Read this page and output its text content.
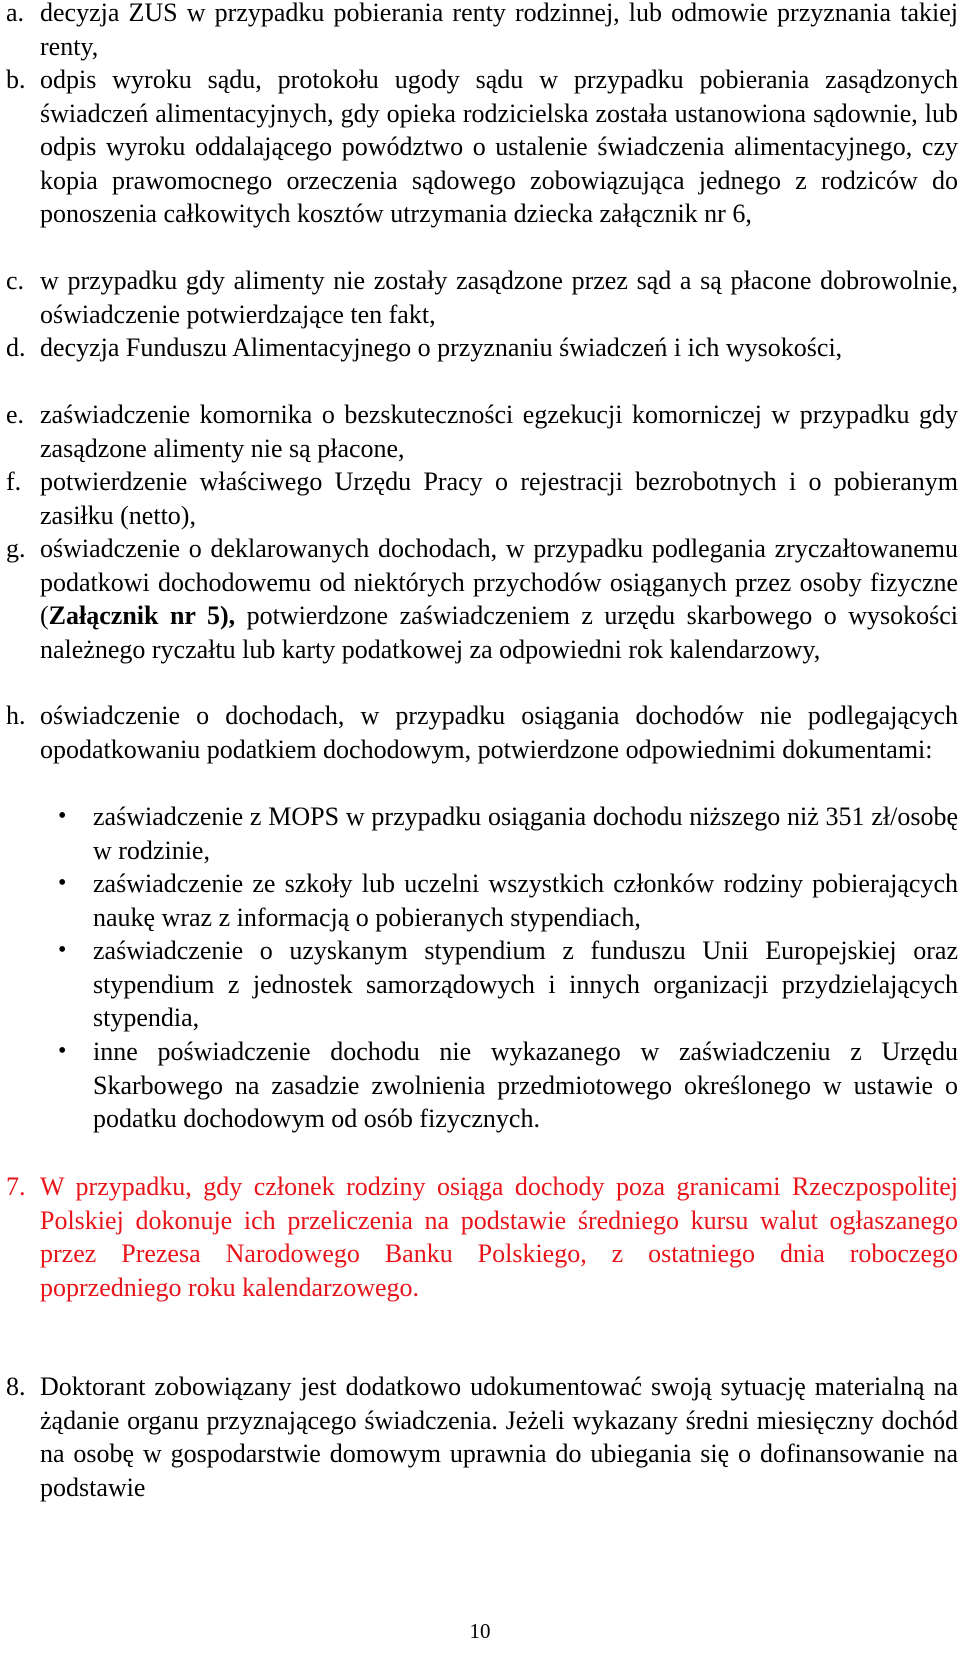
a. decyzja ZUS w przypadku pobierania renty rodzinnej, lub odmowie przyznania takiej renty,
b. odpis wyroku sądu, protokołu ugody sądu w przypadku pobierania zasądzonych świadczeń alimentacyjnych, gdy opieka rodzicielska została ustanowiona sądownie, lub odpis wyroku oddalającego powództwo o ustalenie świadczenia alimentacyjnego, czy kopia prawomocnego orzeczenia sądowego zobowiązująca jednego z rodziców do ponoszenia całkowitych kosztów utrzymania dziecka załącznik nr 6,
c. w przypadku gdy alimenty nie zostały zasądzone przez sąd a są płacone dobrowolnie, oświadczenie potwierdzające ten fakt,
d. decyzja Funduszu Alimentacyjnego o przyznaniu świadczeń i ich wysokości,
e. zaświadczenie komornika o bezskuteczności egzekucji komorniczej w przypadku gdy zasądzone alimenty nie są płacone,
f. potwierdzenie właściwego Urzędu Pracy o rejestracji bezrobotnych i o pobieranym zasiłku (netto),
g. oświadczenie o deklarowanych dochodach, w przypadku podlegania zryczałtowanemu podatkowi dochodowemu od niektórych przychodów osiąganych przez osoby fizyczne (Załącznik nr 5), potwierdzone zaświadczeniem z urzędu skarbowego o wysokości należnego ryczałtu lub karty podatkowej za odpowiedni rok kalendarzowy,
h. oświadczenie o dochodach, w przypadku osiągania dochodów nie podlegających opodatkowaniu podatkiem dochodowym, potwierdzone odpowiednimi dokumentami:
• zaświadczenie z MOPS w przypadku osiągania dochodu niższego niż 351 zł/osobę w rodzinie,
• zaświadczenie ze szkoły lub uczelni wszystkich członków rodziny pobierających naukę wraz z informacją o pobieranych stypendiach,
• zaświadczenie o uzyskanym stypendium z funduszu Unii Europejskiej oraz stypendium z jednostek samorządowych i innych organizacji przydzielających stypendia,
• inne poświadczenie dochodu nie wykazanego w zaświadczeniu z Urzędu Skarbowego na zasadzie zwolnienia przedmiotowego określonego w ustawie o podatku dochodowym od osób fizycznych.
7. W przypadku, gdy członek rodziny osiąga dochody poza granicami Rzeczpospolitej Polskiej dokonuje ich przeliczenia na podstawie średniego kursu walut ogłaszanego przez Prezesa Narodowego Banku Polskiego, z ostatniego dnia roboczego poprzedniego roku kalendarzowego.
8. Doktorant zobowiązany jest dodatkowo udokumentować swoją sytuację materialną na żądanie organu przyznającego świadczenia. Jeżeli wykazany średni miesięczny dochód na osobę w gospodarstwie domowym uprawnia do ubiegania się o dofinansowanie na podstawie
10
